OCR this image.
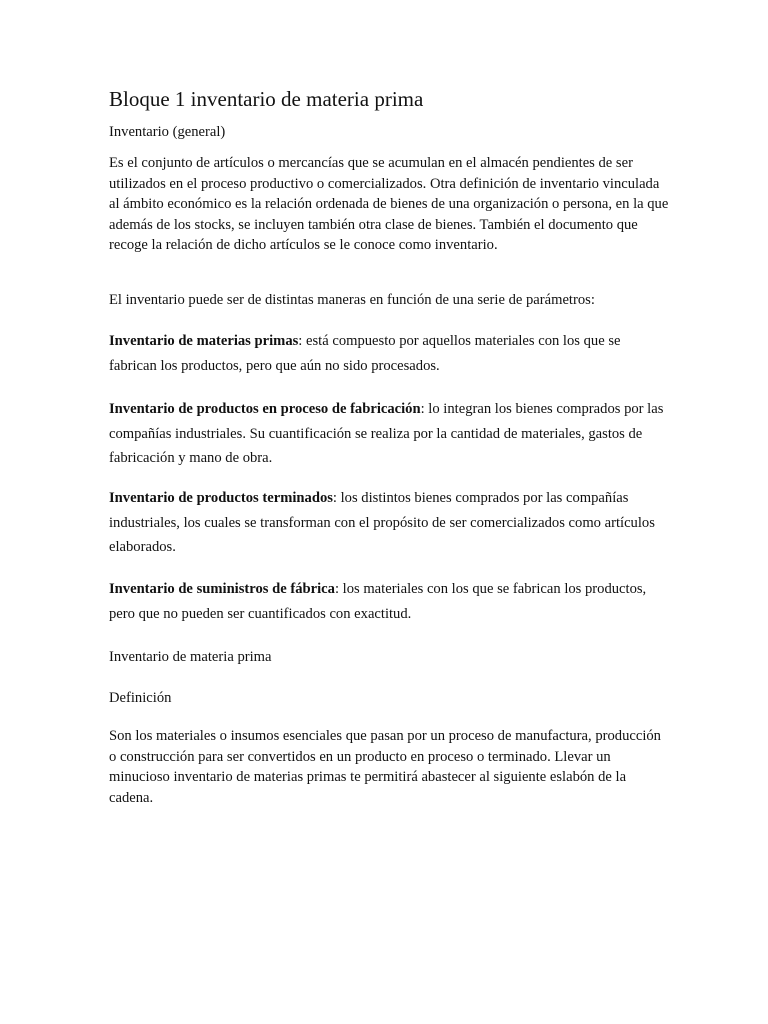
Bloque 1 inventario de materia prima
Inventario (general)
Es el conjunto de artículos o mercancías que se acumulan en el almacén pendientes de ser utilizados en el proceso productivo o comercializados. Otra definición de inventario vinculada al ámbito económico es la relación ordenada de bienes de una organización o persona, en la que además de los stocks, se incluyen también otra clase de bienes. También el documento que recoge la relación de dicho artículos se le conoce como inventario.
El inventario puede ser de distintas maneras en función de una serie de parámetros:
Inventario de materias primas: está compuesto por aquellos materiales con los que se fabrican los productos, pero que aún no sido procesados.
Inventario de productos en proceso de fabricación: lo integran los bienes comprados por las compañías industriales. Su cuantificación se realiza por la cantidad de materiales, gastos de fabricación y mano de obra.
Inventario de productos terminados: los distintos bienes comprados por las compañías industriales, los cuales se transforman con el propósito de ser comercializados como artículos elaborados.
Inventario de suministros de fábrica: los materiales con los que se fabrican los productos, pero que no pueden ser cuantificados con exactitud.
Inventario de materia prima
Definición
Son los materiales o insumos esenciales que pasan por un proceso de manufactura, producción o construcción para ser convertidos en un producto en proceso o terminado. Llevar un minucioso inventario de materias primas te permitirá abastecer al siguiente eslabón de la cadena.
